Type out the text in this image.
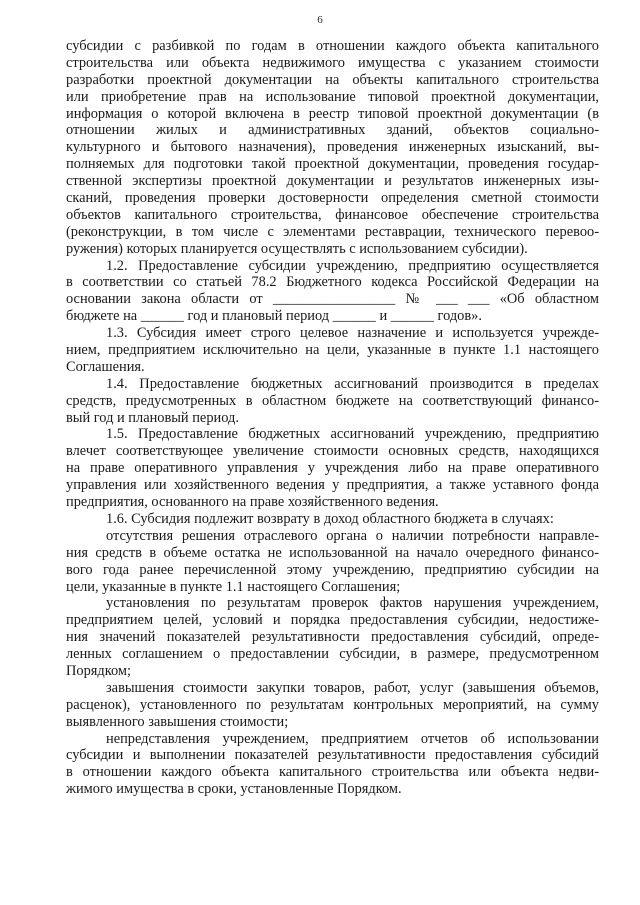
6
субсидии с разбивкой по годам в отношении каждого объекта капитального
строительства или объекта недвижимого имущества с указанием стоимости
разработки проектной документации на объекты капитального строительства
или приобретение прав на использование типовой проектной документации,
информация о которой включена в реестр типовой проектной документации (в
отношении жилых и административных зданий, объектов социально-
культурного и бытового назначения), проведения инженерных изысканий, вы-
полняемых для подготовки такой проектной документации, проведения государ-
ственной экспертизы проектной документации и результатов инженерных изы-
сканий, проведения проверки достоверности определения сметной стоимости
объектов капитального строительства, финансовое обеспечение строительства
(реконструкции, в том числе с элементами реставрации, технического перевоо-
ружения) которых планируется осуществлять с использованием субсидии).
1.2. Предоставление субсидии учреждению, предприятию осуществляется
в соответствии со статьей 78.2 Бюджетного кодекса Российской Федерации на
основании закона области от _________________ № ___ ___ «Об областном
бюджете на ______ год и плановый период ______ и ______ годов».
1.3. Субсидия имеет строго целевое назначение и используется учрежде-
нием, предприятием исключительно на цели, указанные в пункте 1.1 настоящего
Соглашения.
1.4. Предоставление бюджетных ассигнований производится в пределах
средств, предусмотренных в областном бюджете на соответствующий финансо-
вый год и плановый период.
1.5. Предоставление бюджетных ассигнований учреждению, предприятию
влечет соответствующее увеличение стоимости основных средств, находящихся
на праве оперативного управления у учреждения либо на праве оперативного
управления или хозяйственного ведения у предприятия, а также уставного фонда
предприятия, основанного на праве хозяйственного ведения.
1.6. Субсидия подлежит возврату в доход областного бюджета в случаях:
отсутствия решения отраслевого органа о наличии потребности направле-
ния средств в объеме остатка не использованной на начало очередного финансо-
вого года ранее перечисленной этому учреждению, предприятию субсидии на
цели, указанные в пункте 1.1 настоящего Соглашения;
установления по результатам проверок фактов нарушения учреждением,
предприятием целей, условий и порядка предоставления субсидии, недостиже-
ния значений показателей результативности предоставления субсидий, опреде-
ленных соглашением о предоставлении субсидии, в размере, предусмотренном
Порядком;
завышения стоимости закупки товаров, работ, услуг (завышения объемов,
расценок), установленного по результатам контрольных мероприятий, на сумму
выявленного завышения стоимости;
непредставления учреждением, предприятием отчетов об использовании
субсидии и выполнении показателей результативности предоставления субсидий
в отношении каждого объекта капитального строительства или объекта недви-
жимого имущества в сроки, установленные Порядком.
